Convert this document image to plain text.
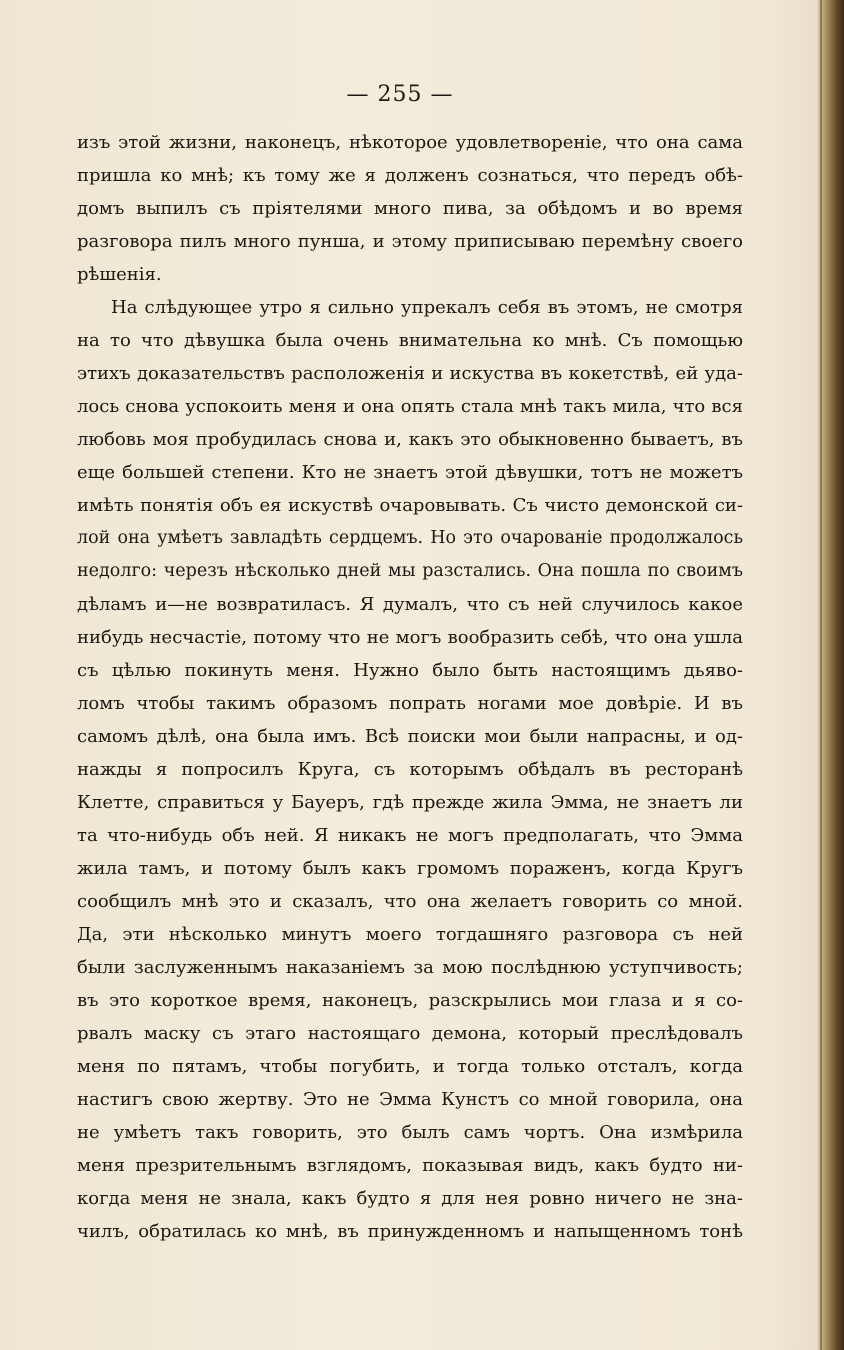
— 255 —
изъ этой жизни, наконецъ, нѣкоторое удовлетвореніе, что она сама
пришла ко мнѣ; къ тому же я долженъ сознаться, что передъ обѣ-
домъ выпилъ съ пріятелями много пива, за обѣдомъ и во время
разговора пилъ много пунша, и этому приписываю перемѣну своего
рѣшенія.
На слѣдующее утро я сильно упрекалъ себя въ этомъ, не смотря
на то что дѣвушка была очень внимательна ко мнѣ. Съ помощью
этихъ доказательствъ расположенія и искуства въ кокетствѣ, ей уда-
лось снова успокоить меня и она опять стала мнѣ такъ мила, что вся
любовь моя пробудилась снова и, какъ это обыкновенно бываетъ, въ
еще большей степени. Кто не знаетъ этой дѣвушки, тотъ не можетъ
имѣть понятія объ ея искуствѣ очаровывать. Съ чисто демонской си-
лой она умѣетъ завладѣть сердцемъ. Но это очарованіе продолжалось
недолго: черезъ нѣсколько дней мы разстались. Она пошла по своимъ
дѣламъ и—не возвратиласъ. Я думалъ, что съ ней случилось какое
нибудь несчастіе, потому что не могъ вообразить себѣ, что она ушла
съ цѣлью покинуть меня. Нужно было быть настоящимъ дьяво-
ломъ чтобы такимъ образомъ попрать ногами мое довѣріе. И въ
самомъ дѣлѣ, она была имъ. Всѣ поиски мои были напрасны, и од-
нажды я попросилъ Круга, съ которымъ обѣдалъ въ ресторанѣ
Клетте, справиться у Бауеръ, гдѣ прежде жила Эмма, не знаетъ ли
та что-нибудь объ ней. Я никакъ не могъ предполагать, что Эмма
жила тамъ, и потому былъ какъ громомъ пораженъ, когда Кругъ
сообщилъ мнѣ это и сказалъ, что она желаетъ говорить со мной.
Да, эти нѣсколько минутъ моего тогдашняго разговора съ ней
были заслуженнымъ наказаніемъ за мою послѣднюю уступчивость;
въ это короткое время, наконецъ, разскрылись мои глаза и я со-
рвалъ маску съ этаго настоящаго демона, который преслѣдовалъ
меня по пятамъ, чтобы погубить, и тогда только отсталъ, когда
настигъ свою жертву. Это не Эмма Кунстъ со мной говорила, она
не умѣетъ такъ говорить, это былъ самъ чортъ. Она измѣрила
меня презрительнымъ взглядомъ, показывая видъ, какъ будто ни-
когда меня не знала, какъ будто я для нея ровно ничего не зна-
чилъ, обратилась ко мнѣ, въ принужденномъ и напыщенномъ тонѣ
